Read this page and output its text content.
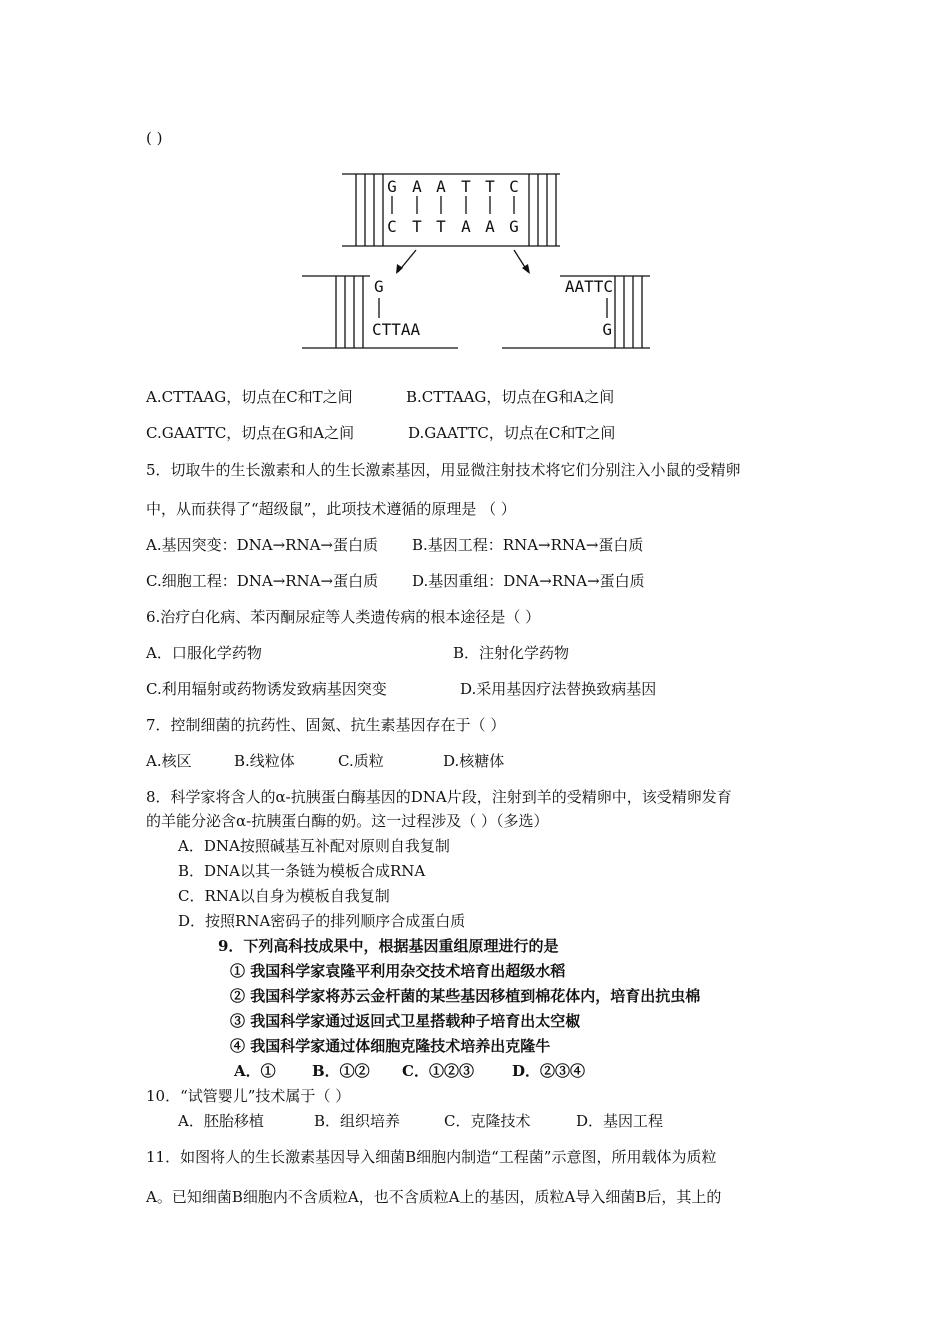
( )
G A A T T C
C T T A A G
G
CTTAA
AATTC
G
A.CTTAAG，切点在C和T之间	B.CTTAAG，切点在G和A之间
C.GAATTC，切点在G和A之间	D.GAATTC，切点在C和T之间
5．切取牛的生长激素和人的生长激素基因，用显微注射技术将它们分别注入小鼠的受精卵
中，从而获得了“超级鼠”，此项技术遵循的原理是 （ ）
A.基因突变：DNA→RNA→蛋白质 B.基因工程：RNA→RNA→蛋白质
C.细胞工程：DNA→RNA→蛋白质 D.基因重组：DNA→RNA→蛋白质
6.治疗白化病、苯丙酮尿症等人类遗传病的根本途径是（ ）
A．口服化学药物	B．注射化学药物
C.利用辐射或药物诱发致病基因突变	D.采用基因疗法替换致病基因
7．控制细菌的抗药性、固氮、抗生素基因存在于（ ）
A.核区	B.线粒体	C.质粒	D.核糖体
8．科学家将含人的α-抗胰蛋白酶基因的DNA片段，注射到羊的受精卵中，该受精卵发育
的羊能分泌含α-抗胰蛋白酶的奶。这一过程涉及（ ）（多选）
A．DNA按照碱基互补配对原则自我复制
B．DNA以其一条链为模板合成RNA
C．RNA以自身为模板自我复制
D．按照RNA密码子的排列顺序合成蛋白质
9．下列高科技成果中，根据基因重组原理进行的是
① 我国科学家袁隆平利用杂交技术培育出超级水稻
② 我国科学家将苏云金杆菌的某些基因移植到棉花体内，培育出抗虫棉
③ 我国科学家通过返回式卫星搭载种子培育出太空椒
④ 我国科学家通过体细胞克隆技术培养出克隆牛
A．① B．①② C．①②③	D．②③④
10．“试管婴儿”技术属于（ ）
A．胚胎移植	B．组织培养	C．克隆技术	D．基因工程
11．如图将人的生长激素基因导入细菌B细胞内制造“工程菌”示意图，所用载体为质粒
A。已知细菌B细胞内不含质粒A，也不含质粒A上的基因，质粒A导入细菌B后，其上的
